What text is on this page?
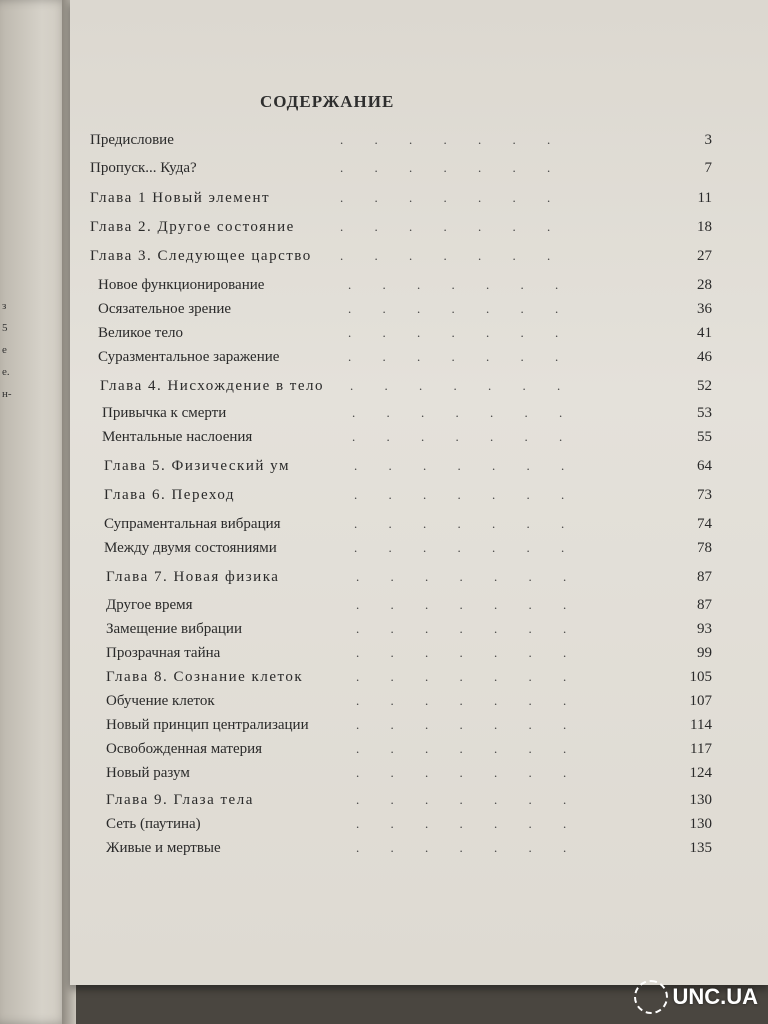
з
5
е
е.
н-
СОДЕРЖАНИЕ
Предисловие	. . . . . . .	3
Пропуск... Куда?	. . . . . . .	7
Глава 1 Новый элемент	. . . . . . .	11
Глава 2. Другое состояние	. . . . . . .	18
Глава 3. Следующее царство . . . . . . .	27
Новое функционирование	. . . . . . .	28
Осязательное зрение	. . . . . . .	36
Великое тело	. . . . . . .	41
Суразментальное заражение	. . . . . . .	46
Глава 4. Нисхождение в тело . . . . . . .	52
Привычка к смерти	. . . . . . .	53
Ментальные наслоения	. . . . . . .	55
Глава 5. Физический ум	. . . . . . .	64
Глава 6. Переход	. . . . . . .	73
Супраментальная вибрация	. . . . . . .	74
Между двумя состояниями	. . . . . . .	78
Глава 7. Новая физика	. . . . . . .	87
Другое время	. . . . . . .	87
Замещение вибрации	. . . . . . .	93
Прозрачная тайна	. . . . . . .	99
Глава 8. Сознание клеток	. . . . . . .	105
Обучение клеток	. . . . . . .	107
Новый принцип централизации	. . . . . . .	114
Освобожденная материя	. . . . . . .	117
Новый разум	. . . . . . .	124
Глава 9. Глаза тела	. . . . . . .	130
Сеть (паутина)	. . . . . . .	130
Живые и мертвые	. . . . . . .	135
UNC.UA
